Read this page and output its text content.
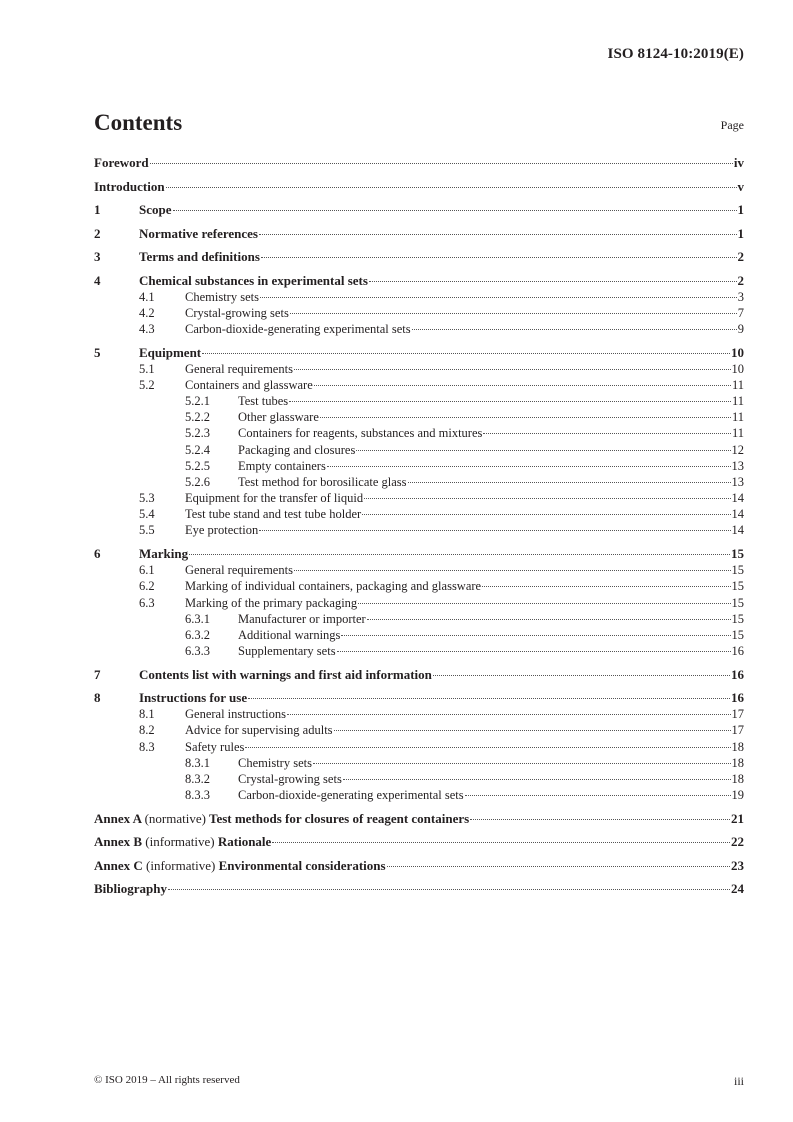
ISO 8124-10:2019(E)
Contents	Page
Foreword	iv
Introduction	v
1	Scope	1
2	Normative references	1
3	Terms and definitions	2
4	Chemical substances in experimental sets	2
4.1	Chemistry sets	3
4.2	Crystal-growing sets	7
4.3	Carbon-dioxide-generating experimental sets	9
5	Equipment	10
5.1	General requirements	10
5.2	Containers and glassware	11
5.2.1	Test tubes	11
5.2.2	Other glassware	11
5.2.3	Containers for reagents, substances and mixtures	11
5.2.4	Packaging and closures	12
5.2.5	Empty containers	13
5.2.6	Test method for borosilicate glass	13
5.3	Equipment for the transfer of liquid	14
5.4	Test tube stand and test tube holder	14
5.5	Eye protection	14
6	Marking	15
6.1	General requirements	15
6.2	Marking of individual containers, packaging and glassware	15
6.3	Marking of the primary packaging	15
6.3.1	Manufacturer or importer	15
6.3.2	Additional warnings	15
6.3.3	Supplementary sets	16
7	Contents list with warnings and first aid information	16
8	Instructions for use	16
8.1	General instructions	17
8.2	Advice for supervising adults	17
8.3	Safety rules	18
8.3.1	Chemistry sets	18
8.3.2	Crystal-growing sets	18
8.3.3	Carbon-dioxide-generating experimental sets	19
Annex A (normative) Test methods for closures of reagent containers	21
Annex B (informative) Rationale	22
Annex C (informative) Environmental considerations	23
Bibliography	24
© ISO 2019 – All rights reserved	iii
